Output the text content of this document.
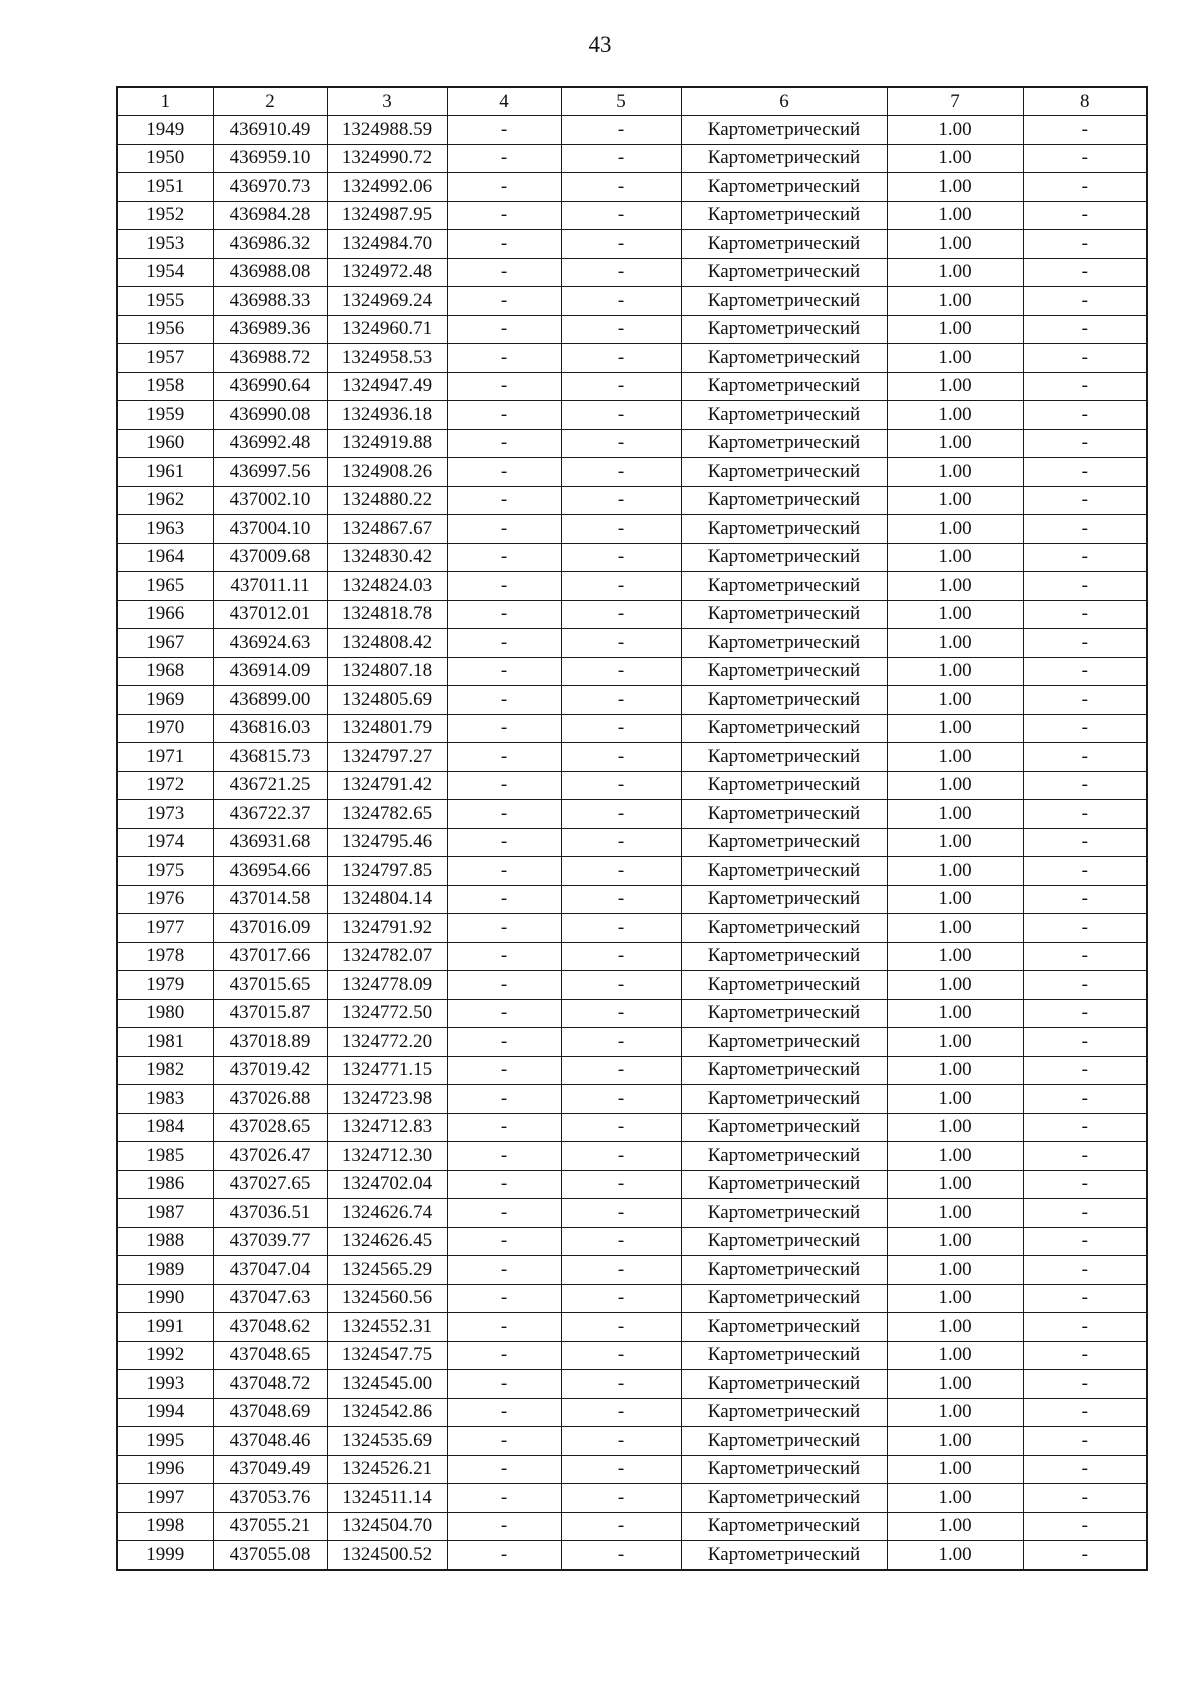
43
1	2	3	4	5	6	7	8
1949	436910.49	1324988.59	-	-	Картометрический	1.00	-
1950	436959.10	1324990.72	-	-	Картометрический	1.00	-
1951	436970.73	1324992.06	-	-	Картометрический	1.00	-
1952	436984.28	1324987.95	-	-	Картометрический	1.00	-
1953	436986.32	1324984.70	-	-	Картометрический	1.00	-
1954	436988.08	1324972.48	-	-	Картометрический	1.00	-
1955	436988.33	1324969.24	-	-	Картометрический	1.00	-
1956	436989.36	1324960.71	-	-	Картометрический	1.00	-
1957	436988.72	1324958.53	-	-	Картометрический	1.00	-
1958	436990.64	1324947.49	-	-	Картометрический	1.00	-
1959	436990.08	1324936.18	-	-	Картометрический	1.00	-
1960	436992.48	1324919.88	-	-	Картометрический	1.00	-
1961	436997.56	1324908.26	-	-	Картометрический	1.00	-
1962	437002.10	1324880.22	-	-	Картометрический	1.00	-
1963	437004.10	1324867.67	-	-	Картометрический	1.00	-
1964	437009.68	1324830.42	-	-	Картометрический	1.00	-
1965	437011.11	1324824.03	-	-	Картометрический	1.00	-
1966	437012.01	1324818.78	-	-	Картометрический	1.00	-
1967	436924.63	1324808.42	-	-	Картометрический	1.00	-
1968	436914.09	1324807.18	-	-	Картометрический	1.00	-
1969	436899.00	1324805.69	-	-	Картометрический	1.00	-
1970	436816.03	1324801.79	-	-	Картометрический	1.00	-
1971	436815.73	1324797.27	-	-	Картометрический	1.00	-
1972	436721.25	1324791.42	-	-	Картометрический	1.00	-
1973	436722.37	1324782.65	-	-	Картометрический	1.00	-
1974	436931.68	1324795.46	-	-	Картометрический	1.00	-
1975	436954.66	1324797.85	-	-	Картометрический	1.00	-
1976	437014.58	1324804.14	-	-	Картометрический	1.00	-
1977	437016.09	1324791.92	-	-	Картометрический	1.00	-
1978	437017.66	1324782.07	-	-	Картометрический	1.00	-
1979	437015.65	1324778.09	-	-	Картометрический	1.00	-
1980	437015.87	1324772.50	-	-	Картометрический	1.00	-
1981	437018.89	1324772.20	-	-	Картометрический	1.00	-
1982	437019.42	1324771.15	-	-	Картометрический	1.00	-
1983	437026.88	1324723.98	-	-	Картометрический	1.00	-
1984	437028.65	1324712.83	-	-	Картометрический	1.00	-
1985	437026.47	1324712.30	-	-	Картометрический	1.00	-
1986	437027.65	1324702.04	-	-	Картометрический	1.00	-
1987	437036.51	1324626.74	-	-	Картометрический	1.00	-
1988	437039.77	1324626.45	-	-	Картометрический	1.00	-
1989	437047.04	1324565.29	-	-	Картометрический	1.00	-
1990	437047.63	1324560.56	-	-	Картометрический	1.00	-
1991	437048.62	1324552.31	-	-	Картометрический	1.00	-
1992	437048.65	1324547.75	-	-	Картометрический	1.00	-
1993	437048.72	1324545.00	-	-	Картометрический	1.00	-
1994	437048.69	1324542.86	-	-	Картометрический	1.00	-
1995	437048.46	1324535.69	-	-	Картометрический	1.00	-
1996	437049.49	1324526.21	-	-	Картометрический	1.00	-
1997	437053.76	1324511.14	-	-	Картометрический	1.00	-
1998	437055.21	1324504.70	-	-	Картометрический	1.00	-
1999	437055.08	1324500.52	-	-	Картометрический	1.00	-
